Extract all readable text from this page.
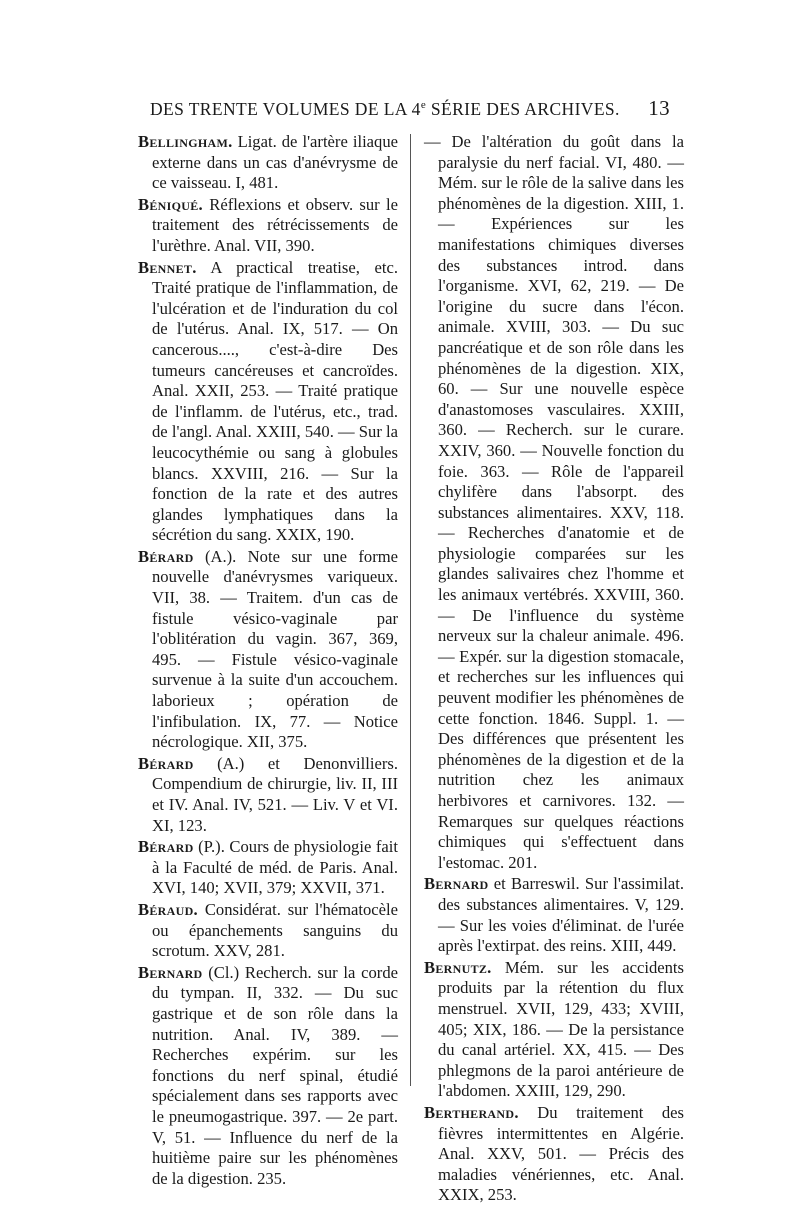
DES TRENTE VOLUMES DE LA 4e SÉRIE DES ARCHIVES. 13

Bellingham. Ligat. de l'artère iliaque externe dans un cas d'anévrysme de ce vaisseau. I, 481.

Béniqué. Réflexions et observ. sur le traitement des rétrécissements de l'urèthre. Anal. VII, 390.

Bennet. A practical treatise, etc. Traité pratique de l'inflammation, de l'ulcération et de l'induration du col de l'utérus. Anal. IX, 517. — On cancerous...., c'est-à-dire Des tumeurs cancéreuses et cancroïdes. Anal. XXII, 253. — Traité pratique de l'inflamm. de l'utérus, etc., trad. de l'angl. Anal. XXIII, 540. — Sur la leucocythémie ou sang à globules blancs. XXVIII, 216. — Sur la fonction de la rate et des autres glandes lymphatiques dans la sécrétion du sang. XXIX, 190.

Bérard (A.). Note sur une forme nouvelle d'anévrysmes variqueux. VII, 38. — Traitem. d'un cas de fistule vésico-vaginale par l'oblitération du vagin. 367, 369, 495. — Fistule vésico-vaginale survenue à la suite d'un accouchem. laborieux ; opération de l'infibulation. IX, 77. — Notice nécrologique. XII, 375.

Bérard (A.) et Denonvilliers. Compendium de chirurgie, liv. II, III et IV. Anal. IV, 521. — Liv. V et VI. XI, 123.

Bérard (P.). Cours de physiologie fait à la Faculté de méd. de Paris. Anal. XVI, 140; XVII, 379; XXVII, 371.

Béraud. Considérat. sur l'hématocèle ou épanchements sanguins du scrotum. XXV, 281.

Bernard (Cl.) Recherch. sur la corde du tympan. II, 332. — Du suc gastrique et de son rôle dans la nutrition. Anal. IV, 389. — Recherches expérim. sur les fonctions du nerf spinal, étudié spécialement dans ses rapports avec le pneumogastrique. 397. — 2e part. V, 51. — Influence du nerf de la huitième paire sur les phénomènes de la digestion. 235.

— De l'altération du goût dans la paralysie du nerf facial. VI, 480. — Mém. sur le rôle de la salive dans les phénomènes de la digestion. XIII, 1. — Expériences sur les manifestations chimiques diverses des substances introd. dans l'organisme. XVI, 62, 219. — De l'origine du sucre dans l'écon. animale. XVIII, 303. — Du suc pancréatique et de son rôle dans les phénomènes de la digestion. XIX, 60. — Sur une nouvelle espèce d'anastomoses vasculaires. XXIII, 360. — Recherch. sur le curare. XXIV, 360. — Nouvelle fonction du foie. 363. — Rôle de l'appareil chylifère dans l'absorpt. des substances alimentaires. XXV, 118. — Recherches d'anatomie et de physiologie comparées sur les glandes salivaires chez l'homme et les animaux vertébrés. XXVIII, 360. — De l'influence du système nerveux sur la chaleur animale. 496. — Expér. sur la digestion stomacale, et recherches sur les influences qui peuvent modifier les phénomènes de cette fonction. 1846. Suppl. 1. — Des différences que présentent les phénomènes de la digestion et de la nutrition chez les animaux herbivores et carnivores. 132. — Remarques sur quelques réactions chimiques qui s'effectuent dans l'estomac. 201.

Bernard et Barreswil. Sur l'assimilat. des substances alimentaires. V, 129. — Sur les voies d'éliminat. de l'urée après l'extirpat. des reins. XIII, 449.

Bernutz. Mém. sur les accidents produits par la rétention du flux menstruel. XVII, 129, 433; XVIII, 405; XIX, 186. — De la persistance du canal artériel. XX, 415. — Des phlegmons de la paroi antérieure de l'abdomen. XXIII, 129, 290.

Bertherand. Du traitement des fièvres intermittentes en Algérie. Anal. XXV, 501. — Précis des maladies vénériennes, etc. Anal. XXIX, 253.
